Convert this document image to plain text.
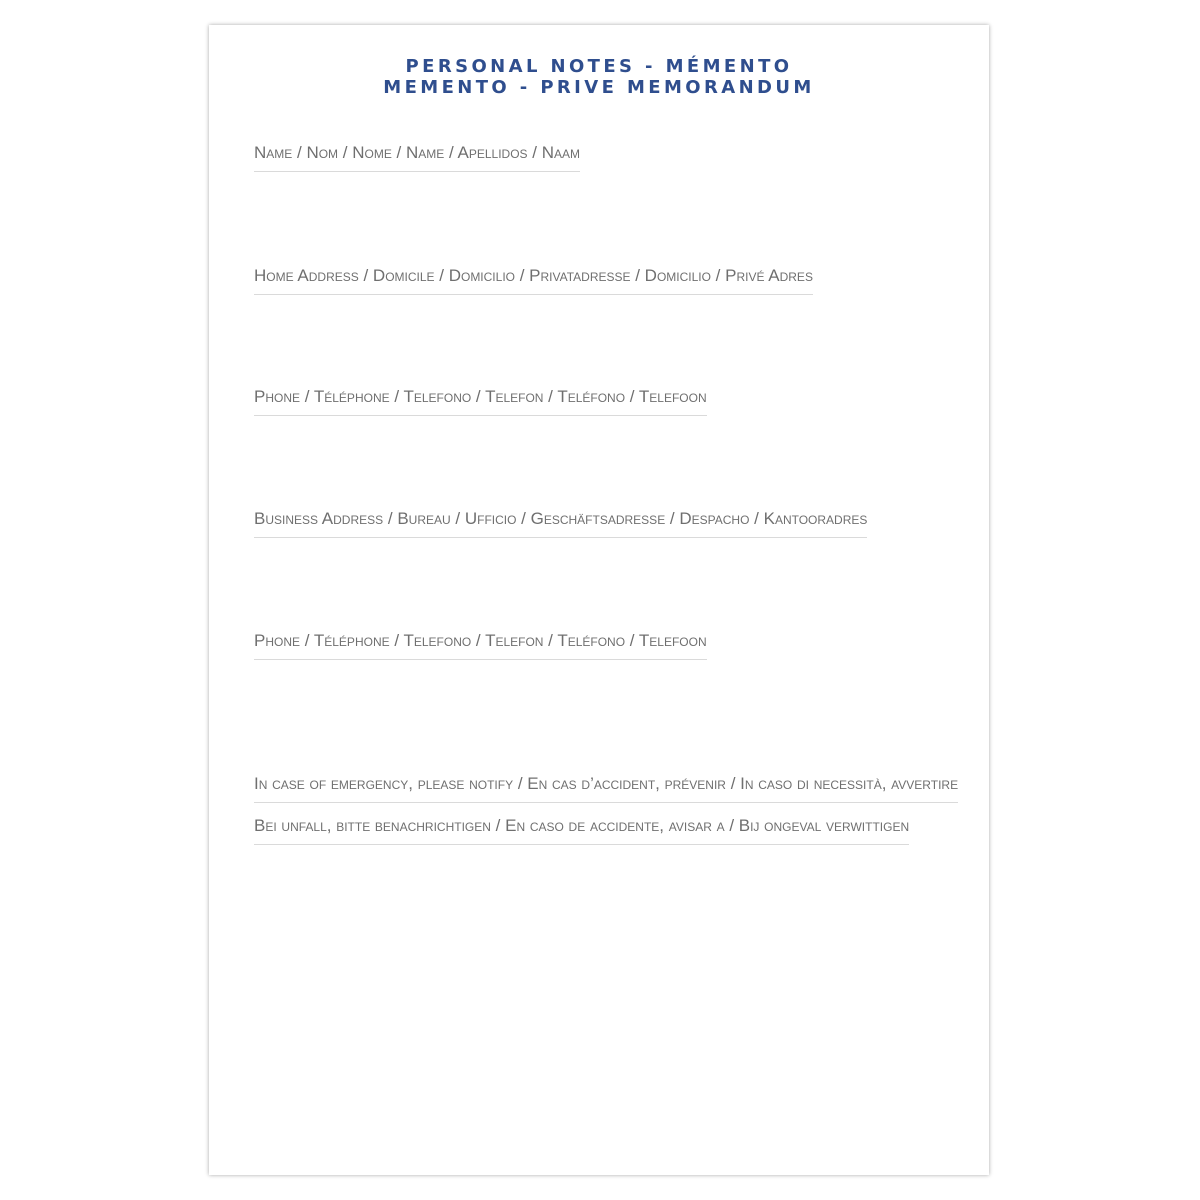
PERSONAL NOTES - MÉMENTO
MEMENTO - PRIVE MEMORANDUM
Name / Nom / Nome / Name / Apellidos / Naam
Home Address / Domicile / Domicilio / Privatadresse / Domicilio / Privé Adres
Phone / Téléphone / Telefono / Telefon / Teléfono / Telefoon
Business Address / Bureau / Ufficio / Geschäftsadresse / Despacho / Kantooradres
Phone / Téléphone / Telefono / Telefon / Teléfono / Telefoon
In case of emergency, please notify / En cas d’accident, prévenir / In caso di necessità, avvertire
Bei unfall, bitte benachrichtigen / En caso de accidente, avisar a / Bij ongeval verwittigen
